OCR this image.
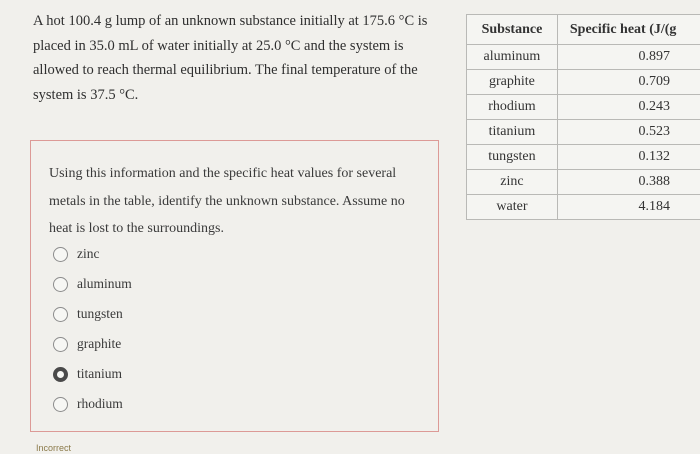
A hot 100.4 g lump of an unknown substance initially at 175.6 °C is placed in 35.0 mL of water initially at 25.0 °C and the system is allowed to reach thermal equilibrium. The final temperature of the system is 37.5 °C.
Using this information and the specific heat values for several metals in the table, identify the unknown substance. Assume no heat is lost to the surroundings.
zinc
aluminum
tungsten
graphite
titanium
rhodium
Incorrect
Substance	Specific heat (J/(g
aluminum	0.897
graphite	0.709
rhodium	0.243
titanium	0.523
tungsten	0.132
zinc	0.388
water	4.184
